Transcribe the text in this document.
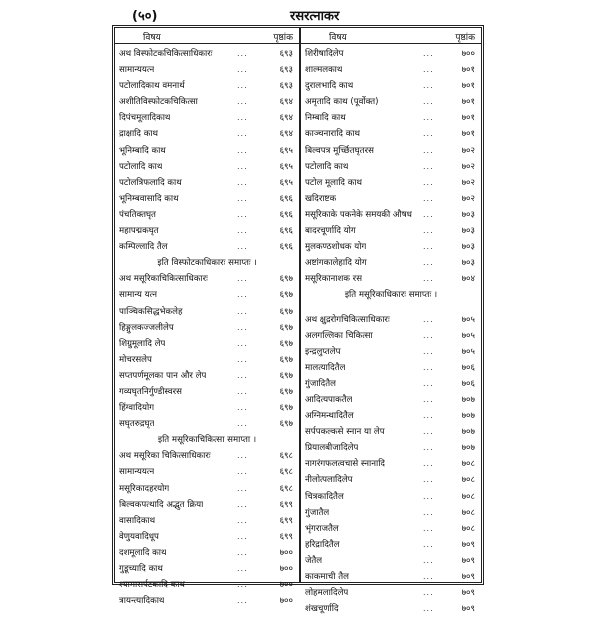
(५०)	रसरत्नाकर
विषय	पृष्ठांक
अथ विस्फोटकचिकित्साधिकारः	...	६९३
सामान्ययत्न	...	६९३
पटोलादिकाथ वमनार्थ	...	६९३
अशीतिविस्फोटकचिकित्सा	...	६९४
दिपंचमूलादिकाथ	...	६९४
द्राक्षादि काथ	...	६९४
भूनिम्बादि काथ	...	६९५
पटोलादि काथ	...	६९५
पटोलत्रिफलादि काथ	...	६९५
भूनिम्बवासादि काथ	...	६९६
पंचतिक्तघृत	...	६९६
महापद्मकघृत	...	६९६
कम्पिल्लादि तैल	...	६९६
इति विस्फोटकाधिकारः समाप्तः ।
अथ मसूरिकाचिकित्साधिकारः	...	६९७
सामान्य यत्न	...	६९७
पाञ्चिकसिद्धभेकलेह	...	६९७
हिङ्गुलकज्जलीलेप	...	६९७
शिग्रुमूलादि लेप	...	६९७
मोचरसलेप	...	६९७
सप्तपर्णमूलका पान और लेप	...	६९७
गव्यघृतनिर्गुण्डीस्वरस	...	६९७
हिंग्वादियोग	...	६९७
सघृतरुद्रघृत	...	६९७
इति मसूरिकाचिकित्सा समाप्ता ।
अथ मसूरिका चिकित्साधिकारः	...	६९८
सामान्ययत्न	...	६९८
मसूरिकादहरयोग	...	६९८
बिल्वकपत्थादि अद्भुत क्रिया	...	६९९
वासादिकाथ	...	६९९
वेणुयवादिधूप	...	६९९
दशमूलादि काथ	...	७००
गुडूच्यादि काथ	...	७००
श्यामासर्पटकादि काथ	...	७००
त्रायन्त्यादिकाथ	...	७००
विषय	पृष्ठांक
शिरीषादिलेप	...	७००
शाल्मलकाथ	...	७०१
दुरालभादि काथ	...	७०१
अमृतादि काथ (पूर्वोक्त)	...	७०१
निम्बादि काथ	...	७०१
काञ्चनारादि काथ	...	७०१
बिल्वपत्र मूर्च्छितघृतरस	...	७०२
पटोलादि काथ	...	७०२
पटोल मूलादि काथ	...	७०२
खदिराष्टक	...	७०२
मसूरिकाके पकनेके समयकी औषध ...	७०३
बादरचूर्णादि योग	...	७०३
मुलकण्ठशोधक योग	...	७०३
अष्टांगकालेहादि योग	...	७०३
मसूरिकानाशक रस	...	७०४
इति मसूरिकाधिकारः समाप्तः ।
अथ क्षुद्ररोगचिकित्साधिकारः	...	७०५
अलगल्लिका चिकित्सा	...	७०५
इन्द्रलुप्तलेप	...	७०५
मालत्यादितैल	...	७०६
गुंजादितैल	...	७०६
आदित्यपाकतैल	...	७०७
अग्निमन्थादितैल	...	७०७
सर्पपकल्कसे स्नान या लेप	...	७०७
प्रियालबीजादिलेप	...	७०७
नागरंगफलत्वचासे स्नानादि	...	७०८
नीलोत्पलादिलेप	...	७०८
चित्रकादितैल	...	७०८
गुंजातैल	...	७०८
भृंगराजतैल	...	७०८
हरिद्रादितैल	...	७०९
जेतैल	...	७०९
काकमाची तैल	...	७०९
लोहमलादिलेप	...	७०९
शंखचूर्णादि	...	७०९
